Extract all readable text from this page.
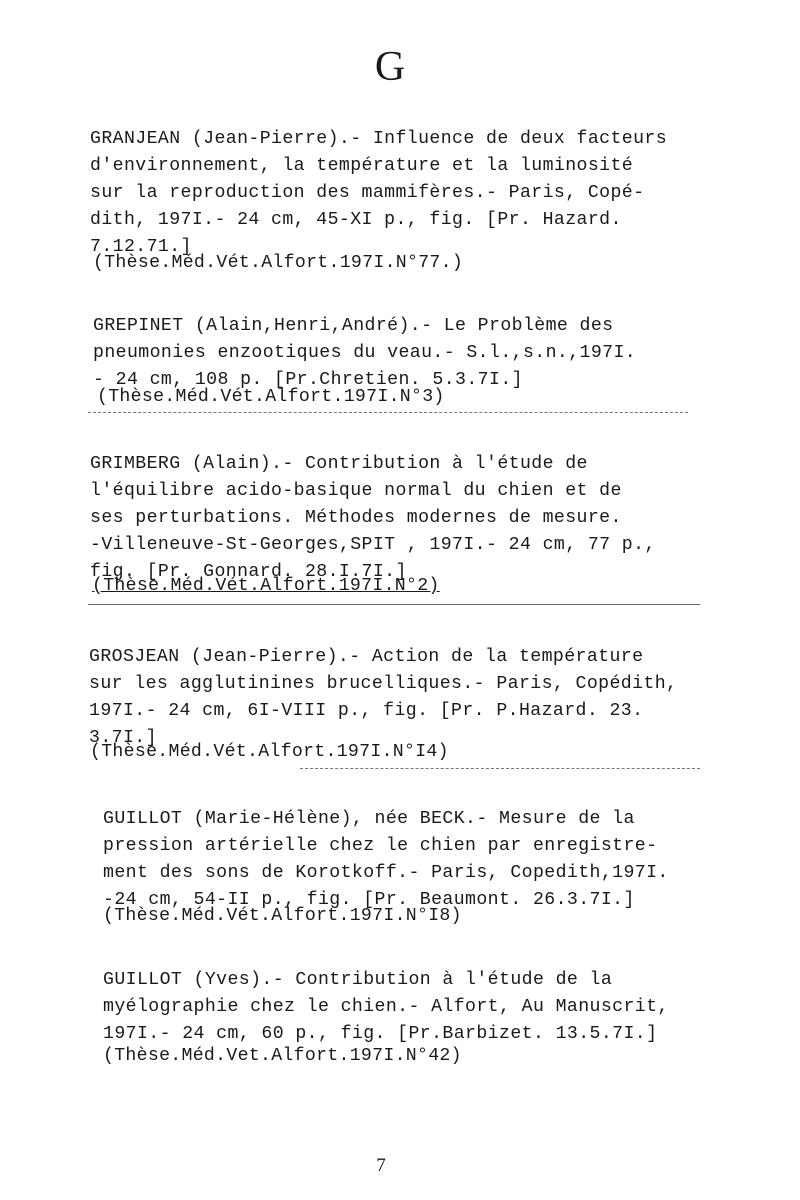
G

GRANJEAN (Jean-Pierre).- Influence de deux facteurs
d'environnement, la température et la luminosité
sur la reproduction des mammifères.- Paris, Copé-
dith, 197I.- 24 cm, 45-XI p., fig. [Pr. Hazard.
7.12.71.]

(Thèse.Méd.Vét.Alfort.197I.N°77.)

GREPINET (Alain,Henri,André).- Le Problème des
pneumonies enzootiques du veau.- S.l.,s.n.,197I.
- 24 cm, 108 p. [Pr.Chretien. 5.3.7I.]

(Thèse.Méd.Vét.Alfort.197I.N°3)

GRIMBERG (Alain).- Contribution à l'étude de
l'équilibre acido-basique normal du chien et de
ses perturbations. Méthodes modernes de mesure.
-Villeneuve-St-Georges,SPIT , 197I.- 24 cm, 77 p.,
fig. [Pr. Gonnard. 28.I.7I.]

(Thèse.Méd.Vét.Alfort.197I.N°2)

GROSJEAN (Jean-Pierre).- Action de la température
sur les agglutinines brucelliques.- Paris, Copédith,
197I.- 24 cm, 6I-VIII p., fig. [Pr. P.Hazard. 23.
3.7I.]

(Thèse.Méd.Vét.Alfort.197I.N°I4)

GUILLOT (Marie-Hélène), née BECK.- Mesure de la
pression artérielle chez le chien par enregistre-
ment des sons de Korotkoff.- Paris, Copedith,197I.
-24 cm, 54-II p., fig. [Pr. Beaumont. 26.3.7I.]

(Thèse.Méd.Vét.Alfort.197I.N°I8)

GUILLOT (Yves).- Contribution à l'étude de la
myélographie chez le chien.- Alfort, Au Manuscrit,
197I.- 24 cm, 60 p., fig. [Pr.Barbizet. 13.5.7I.]

(Thèse.Méd.Vet.Alfort.197I.N°42)
7
